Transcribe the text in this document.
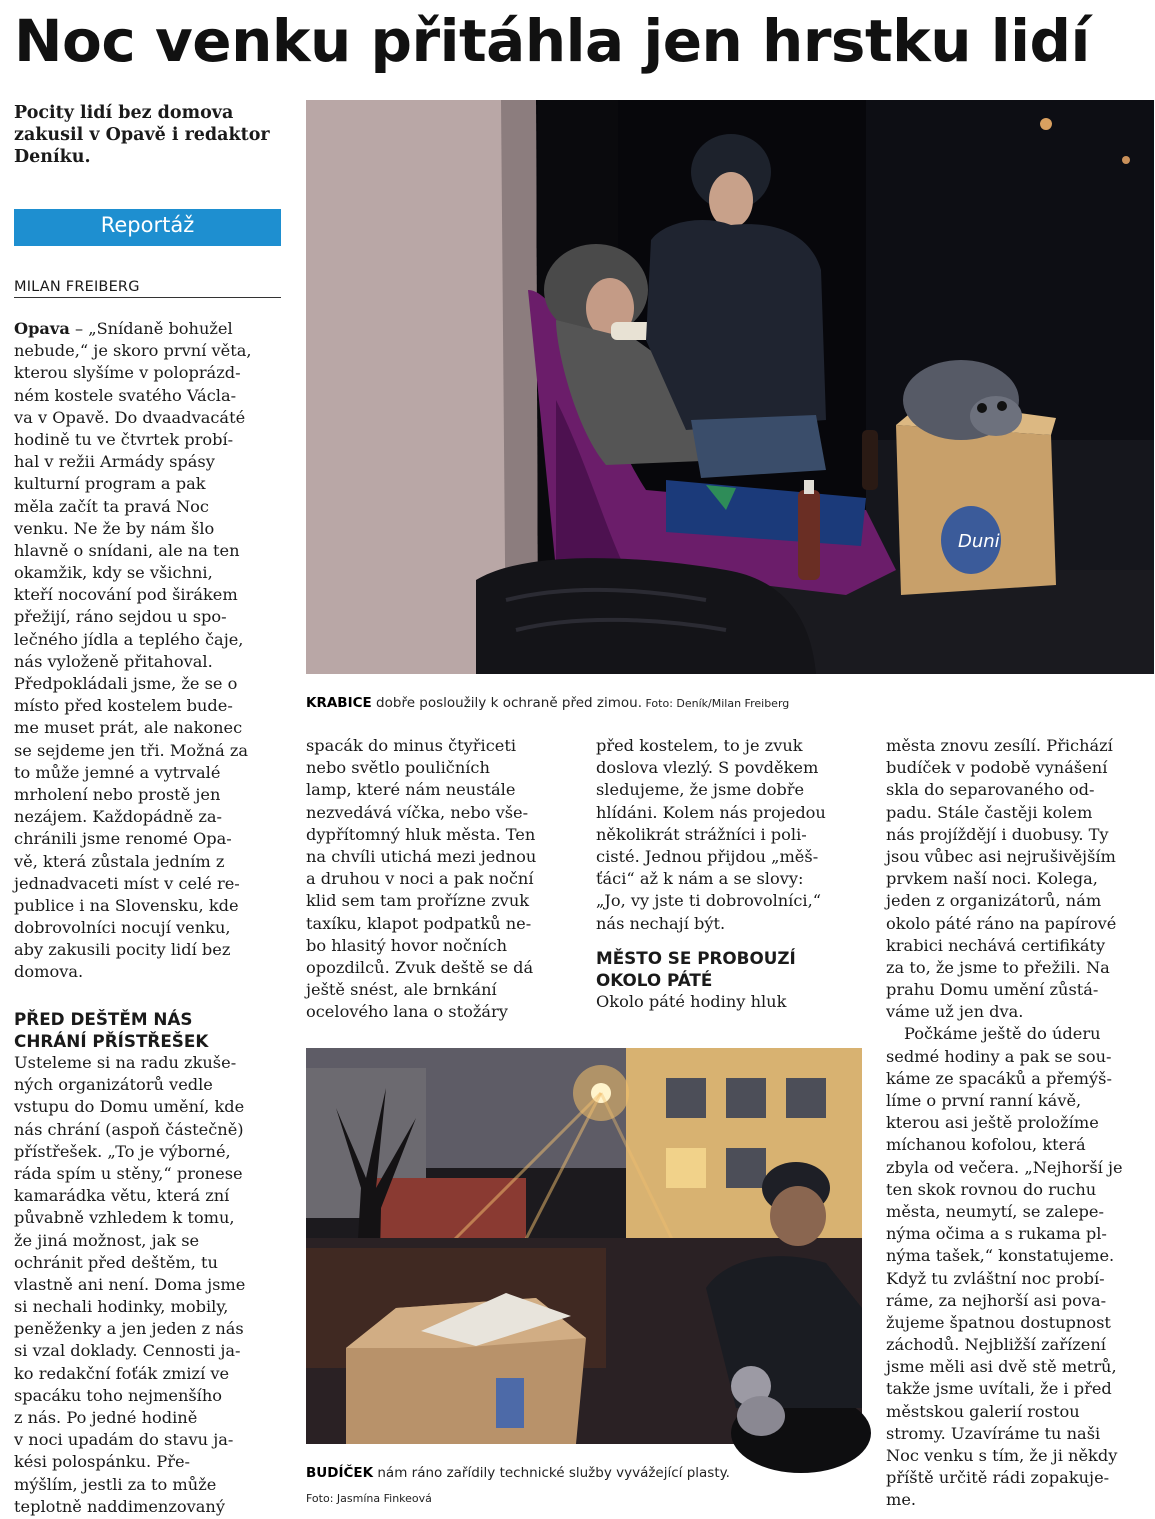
Noc venku přitáhla jen hrstku lidí
Pocity lidí bez domova zakusil v Opavě i redaktor Deníku.
Reportáž
MILAN FREIBERG
Opava – „Snídaně bohužel
nebude,“ je skoro první věta,
kterou slyšíme v poloprázd-
ném kostele svatého Václa-
va v Opavě. Do dvaadvacáté
hodině tu ve čtvrtek probí-
hal v režii Armády spásy
kulturní program a pak
měla začít ta pravá Noc
venku. Ne že by nám šlo
hlavně o snídani, ale na ten
okamžik, kdy se všichni,
kteří nocování pod širákem
přežijí, ráno sejdou u spo-
lečného jídla a teplého čaje,
nás vyloženě přitahoval.
Předpokládali jsme, že se o
místo před kostelem bude-
me muset prát, ale nakonec
se sejdeme jen tři. Možná za
to může jemné a vytrvalé
mrholení nebo prostě jen
nezájem. Každopádně za-
chránili jsme renomé Opa-
vě, která zůstala jedním z
jednadvaceti míst v celé re-
publice i na Slovensku, kde
dobrovolníci nocují venku,
aby zakusili pocity lidí bez
domova.
PŘED DEŠTĚM NÁS
CHRÁNÍ PŘÍSTŘEŠEK
Usteleme si na radu zkuše-
ných organizátorů vedle
vstupu do Domu umění, kde
nás chrání (aspoň částečně)
přístřešek. „To je výborné,
ráda spím u stěny,“ pronese
kamarádka větu, která zní
půvabně vzhledem k tomu,
že jiná možnost, jak se
ochránit před deštěm, tu
vlastně ani není. Doma jsme
si nechali hodinky, mobily,
peněženky a jen jeden z nás
si vzal doklady. Cennosti ja-
ko redakční foťák zmizí ve
spacáku toho nejmenšího
z nás. Po jedné hodině
v noci upadám do stavu ja-
kési polospánku. Pře-
mýšlím, jestli za to může
teplotně naddimenzovaný
Duni
KRABICE dobře posloužily k ochraně před zimou. Foto: Deník/Milan Freiberg
spacák do minus čtyřiceti
nebo světlo pouličních
lamp, které nám neustále
nezvedává víčka, nebo vše-
dypřítomný hluk města. Ten
na chvíli utichá mezi jednou
a druhou v noci a pak noční
klid sem tam prořízne zvuk
taxíku, klapot podpatků ne-
bo hlasitý hovor nočních
opozdilců. Zvuk deště se dá
ještě snést, ale brnkání
ocelového lana o stožáry
před kostelem, to je zvuk
doslova vlezlý. S povděkem
sledujeme, že jsme dobře
hlídáni. Kolem nás projedou
několikrát strážníci i poli-
cisté. Jednou přijdou „měš-
ťáci“ až k nám a se slovy:
„Jo, vy jste ti dobrovolníci,“
nás nechají být.
MĚSTO SE PROBOUZÍ
OKOLO PÁTÉ
Okolo páté hodiny hluk
města znovu zesílí. Přichází
budíček v podobě vynášení
skla do separovaného od-
padu. Stále častěji kolem
nás projíždějí i duobusy. Ty
jsou vůbec asi nejrušivějším
prvkem naší noci. Kolega,
jeden z organizátorů, nám
okolo páté ráno na papírové
krabici nechává certifikáty
za to, že jsme to přežili. Na
prahu Domu umění zůstá-
váme už jen dva.
Počkáme ještě do úderu
sedmé hodiny a pak se sou-
káme ze spacáků a přemýš-
líme o první ranní kávě,
kterou asi ještě proložíme
míchanou kofolou, která
zbyla od večera. „Nejhorší je
ten skok rovnou do ruchu
města, neumytí, se zalepe-
nýma očima a s rukama pl-
nýma tašek,“ konstatujeme.
Když tu zvláštní noc probí-
ráme, za nejhorší asi pova-
žujeme špatnou dostupnost
záchodů. Nejbližší zařízení
jsme měli asi dvě stě metrů,
takže jsme uvítali, že i před
městskou galerií rostou
stromy. Uzavíráme tu naši
Noc venku s tím, že ji někdy
příště určitě rádi zopakuje-
me.
BUDÍČEK nám ráno zařídily technické služby vyvážející plasty.
Foto: Jasmína Finkeová
